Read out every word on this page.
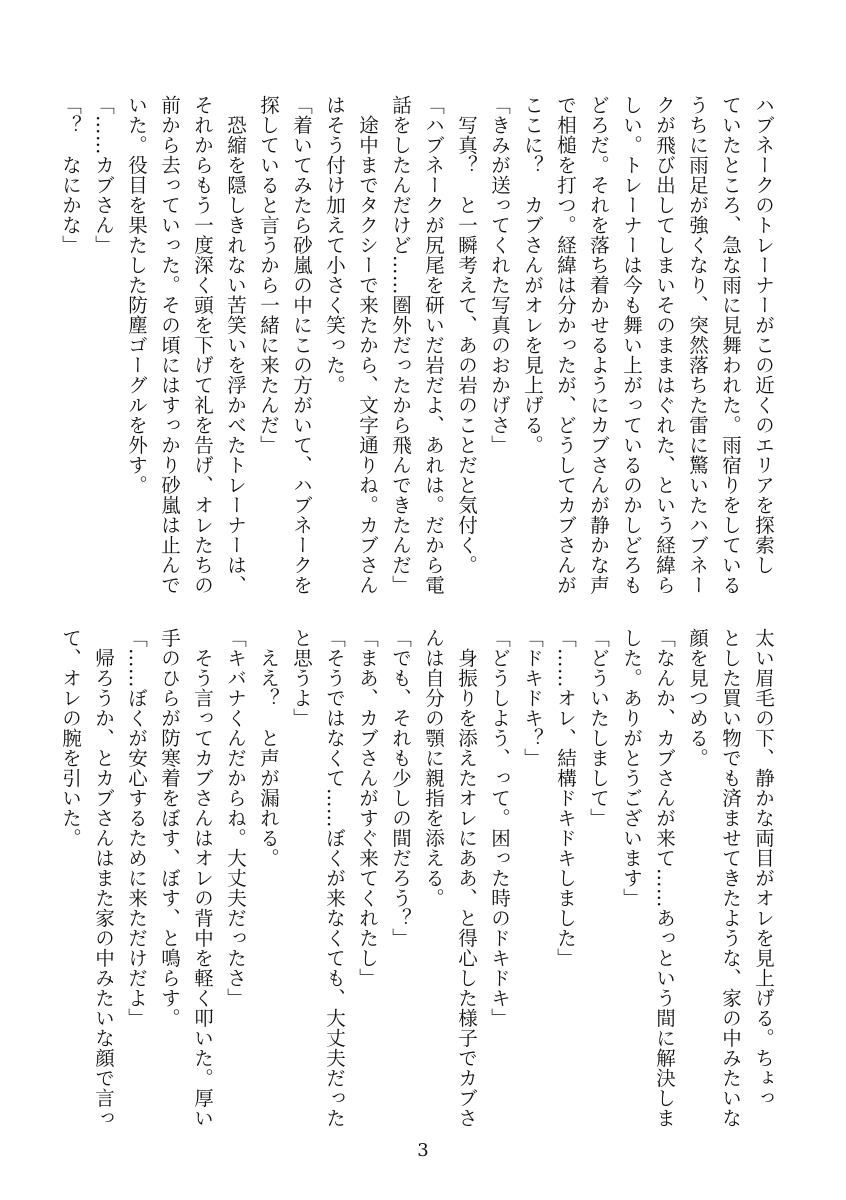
ハブネークのトレーナーがこの近くのエリアを探索し
ていたところ、急な雨に見舞われた。雨宿りをしている
うちに雨足が強くなり、突然落ちた雷に驚いたハブネー
クが飛び出してしまいそのままはぐれた、という経緯ら
しい。トレーナーは今も舞い上がっているのかしどろも
どろだ。それを落ち着かせるようにカブさんが静かな声
で相槌を打つ。経緯は分かったが、どうしてカブさんが
ここに？　カブさんがオレを見上げる。
「きみが送ってくれた写真のおかげさ」
　写真？　と一瞬考えて、あの岩のことだと気付く。
「ハブネークが尻尾を研いだ岩だよ、あれは。だから電
話をしたんだけど……圏外だったから飛んできたんだ」
　途中までタクシーで来たから、文字通りね。カブさん
はそう付け加えて小さく笑った。
「着いてみたら砂嵐の中にこの方がいて、ハブネークを
探していると言うから一緒に来たんだ」
　恐縮を隠しきれない苦笑いを浮かべたトレーナーは、
それからもう一度深く頭を下げて礼を告げ、オレたちの
前から去っていった。その頃にはすっかり砂嵐は止んで
いた。役目を果たした防塵ゴーグルを外す。
「……カブさん」
「？　なにかな」
太い眉毛の下、静かな両目がオレを見上げる。ちょっ
とした買い物でも済ませてきたような、家の中みたいな
顔を見つめる。
「なんか、カブさんが来て……あっという間に解決しま
した。ありがとうございます」
「どういたしまして」
「……オレ、結構ドキドキしました」
「ドキドキ？」
「どうしよう、って。困った時のドキドキ」
　身振りを添えたオレにああ、と得心した様子でカブさ
んは自分の顎に親指を添える。
「でも、それも少しの間だろう？」
「まあ、カブさんがすぐ来てくれたし」
「そうではなくて……ぼくが来なくても、大丈夫だった
と思うよ」
　ええ？　と声が漏れる。
「キバナくんだからね。大丈夫だったさ」
　そう言ってカブさんはオレの背中を軽く叩いた。厚い
手のひらが防寒着をぼす、ぼす、と鳴らす。
「……ぼくが安心するために来ただけだよ」
　帰ろうか、とカブさんはまた家の中みたいな顔で言っ
て、オレの腕を引いた。
3
